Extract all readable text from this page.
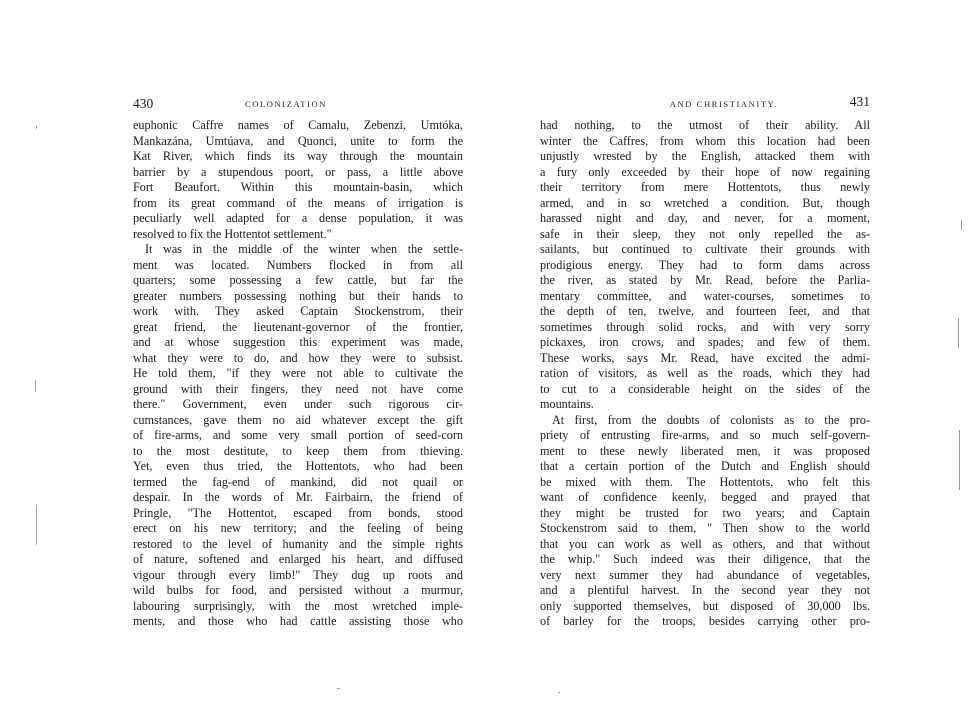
430	COLONIZATION
euphonic Caffre names of Camalu, Zebenzi, Umtóka,
Mankazána, Umtúava, and Quonci, unite to form the
Kat River, which finds its way through the mountain
barrier by a stupendous poort, or pass, a little above
Fort Beaufort. Within this mountain-basin, which
from its great command of the means of irrigation is
peculiarly well adapted for a dense population, it was
resolved to fix the Hottentot settlement."
It was in the middle of the winter when the settle-
ment was located. Numbers flocked in from all
quarters; some possessing a few cattle, but far the
greater numbers possessing nothing but their hands to
work with. They asked Captain Stockenstrom, their
great friend, the lieutenant-governor of the frontier,
and at whose suggestion this experiment was made,
what they were to do, and how they were to subsist.
He told them, "if they were not able to cultivate the
ground with their fingers, they need not have come
there." Government, even under such rigorous cir-
cumstances, gave them no aid whatever except the gift
of fire-arms, and some very small portion of seed-corn
to the most destitute, to keep them from thieving.
Yet, even thus tried, the Hottentots, who had been
termed the fag-end of mankind, did not quail or
despair. In the words of Mr. Fairbairn, the friend of
Pringle, "The Hottentot, escaped from bonds, stood
erect on his new territory; and the feeling of being
restored to the level of humanity and the simple rights
of nature, softened and enlarged his heart, and diffused
vigour through every limb!" They dug up roots and
wild bulbs for food, and persisted without a murmur,
labouring surprisingly, with the most wretched imple-
ments, and those who had cattle assisting those who
AND CHRISTIANITY.	431
had nothing, to the utmost of their ability. All
winter the Caffres, from whom this location had been
unjustly wrested by the English, attacked them with
a fury only exceeded by their hope of now regaining
their territory from mere Hottentots, thus newly
armed, and in so wretched a condition. But, though
harassed night and day, and never, for a moment,
safe in their sleep, they not only repelled the as-
sailants, but continued to cultivate their grounds with
prodigious energy. They had to form dams across
the river, as stated by Mr. Read, before the Parlia-
mentary committee, and water-courses, sometimes to
the depth of ten, twelve, and fourteen feet, and that
sometimes through solid rocks, and with very sorry
pickaxes, iron crows, and spades; and few of them.
These works, says Mr. Read, have excited the admi-
ration of visitors, as well as the roads, which they had
to cut to a considerable height on the sides of the
mountains.
At first, from the doubts of colonists as to the pro-
priety of entrusting fire-arms, and so much self-govern-
ment to these newly liberated men, it was proposed
that a certain portion of the Dutch and English should
be mixed with them. The Hottentots, who felt this
want of confidence keenly, begged and prayed that
they might be trusted for two years; and Captain
Stockenstrom said to them, " Then show to the world
that you can work as well as others, and that without
the whip." Such indeed was their diligence, that the
very next summer they had abundance of vegetables,
and a plentiful harvest. In the second year they not
only supported themselves, but disposed of 30,000 lbs.
of barley for the troops, besides carrying other pro-
